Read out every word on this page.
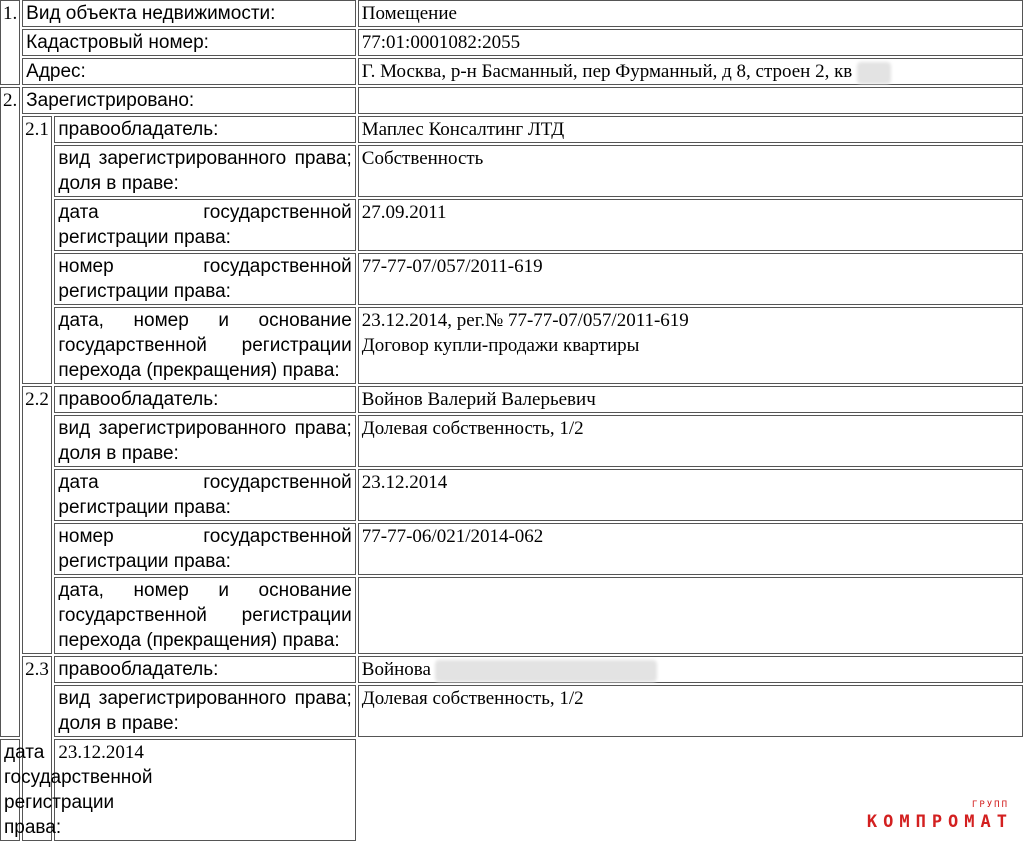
1.	Вид объекта недвижимости:		Помещение
	Кадастровый номер:		77:01:0001082:2055
	Адрес:		Г. Москва, р-н Басманный, пер Фурманный, д 8, строен 2, кв
2.	Зарегистрировано:		
	2.1	правообладатель:	Маплес Консалтинг ЛТД
		вид зарегистрированного права; доля в праве:	Собственность
		дата государственной регистрации права:	27.09.2011
		номер государственной регистрации права:	77-77-07/057/2011-619
		дата, номер и основание государственной регистрации перехода (прекращения) права:	23.12.2014, рег.№ 77-77-07/057/2011-619
Договор купли-продажи квартиры

	2.2	правообладатель:	Войнов Валерий Валерьевич
		вид зарегистрированного права; доля в праве:	Долевая собственность, 1/2
		дата государственной регистрации права:	23.12.2014
		номер государственной регистрации права:	77-77-06/021/2014-062
		дата, номер и основание государственной регистрации перехода (прекращения) права:	

	2.3	правообладатель:	Войнова
		вид зарегистрированного права; доля в праве:	Долевая собственность, 1/2
дата государственной регистрации права:		23.12.2014	
ГРУПП
КОМПРОМАТ
